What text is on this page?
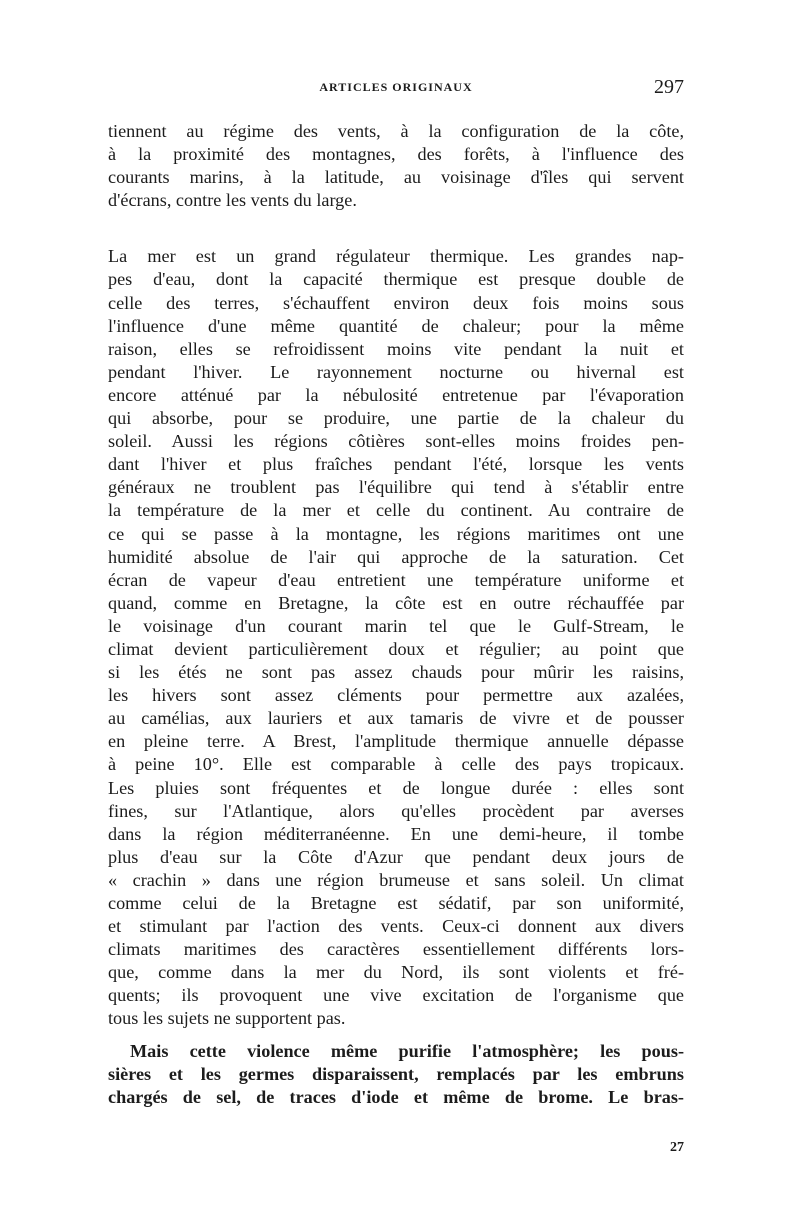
ARTICLES ORIGINAUX	297
tiennent au régime des vents, à la configuration de la côte,
à la proximité des montagnes, des forêts, à l'influence des
courants marins, à la latitude, au voisinage d'îles qui servent
d'écrans, contre les vents du large.
La mer est un grand régulateur thermique. Les grandes nap-
pes d'eau, dont la capacité thermique est presque double de
celle des terres, s'échauffent environ deux fois moins sous
l'influence d'une même quantité de chaleur; pour la même
raison, elles se refroidissent moins vite pendant la nuit et
pendant l'hiver. Le rayonnement nocturne ou hivernal est
encore atténué par la nébulosité entretenue par l'évaporation
qui absorbe, pour se produire, une partie de la chaleur du
soleil. Aussi les régions côtières sont-elles moins froides pen-
dant l'hiver et plus fraîches pendant l'été, lorsque les vents
généraux ne troublent pas l'équilibre qui tend à s'établir entre
la température de la mer et celle du continent. Au contraire de
ce qui se passe à la montagne, les régions maritimes ont une
humidité absolue de l'air qui approche de la saturation. Cet
écran de vapeur d'eau entretient une température uniforme et
quand, comme en Bretagne, la côte est en outre réchauffée par
le voisinage d'un courant marin tel que le Gulf-Stream, le
climat devient particulièrement doux et régulier; au point que
si les étés ne sont pas assez chauds pour mûrir les raisins,
les hivers sont assez cléments pour permettre aux azalées,
au camélias, aux lauriers et aux tamaris de vivre et de pousser
en pleine terre. A Brest, l'amplitude thermique annuelle dépasse
à peine 10°. Elle est comparable à celle des pays tropicaux.
Les pluies sont fréquentes et de longue durée : elles sont
fines, sur l'Atlantique, alors qu'elles procèdent par averses
dans la région méditerranéenne. En une demi-heure, il tombe
plus d'eau sur la Côte d'Azur que pendant deux jours de
« crachin » dans une région brumeuse et sans soleil. Un climat
comme celui de la Bretagne est sédatif, par son uniformité,
et stimulant par l'action des vents. Ceux-ci donnent aux divers
climats maritimes des caractères essentiellement différents lors-
que, comme dans la mer du Nord, ils sont violents et fré-
quents; ils provoquent une vive excitation de l'organisme que
tous les sujets ne supportent pas.
Mais cette violence même purifie l'atmosphère; les pous-
sières et les germes disparaissent, remplacés par les embruns
chargés de sel, de traces d'iode et même de brome. Le bras-
27
